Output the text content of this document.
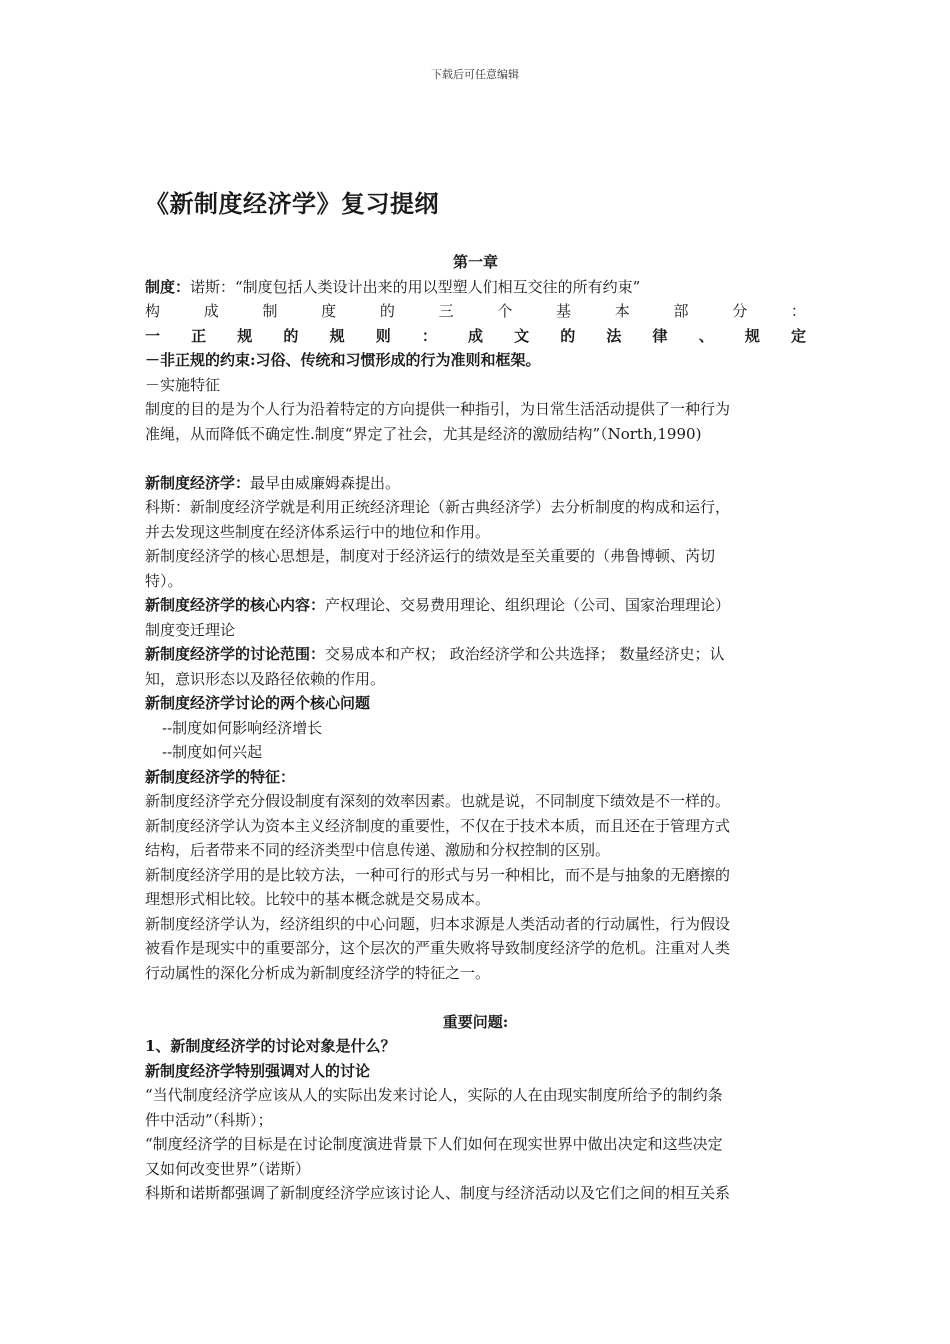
下载后可任意编辑
《新制度经济学》复习提纲
第一章
制度：诺斯：“制度包括人类设计出来的用以型塑人们相互交往的所有约束”
构	成	制	度	的	三	个	基	本	部	分	：
一 正 规 的 规 则 ： 成 文 的 法 律 、 规 定
－非正规的约束:习俗、传统和习惯形成的行为准则和框架。
－实施特征
制度的目的是为个人行为沿着特定的方向提供一种指引，为日常生活活动提供了一种行为
准绳，从而降低不确定性.制度“界定了社会，尤其是经济的激励结构”（North,1990)
新制度经济学：最早由威廉姆森提出。
科斯：新制度经济学就是利用正统经济理论（新古典经济学）去分析制度的构成和运行，
并去发现这些制度在经济体系运行中的地位和作用。
新制度经济学的核心思想是，制度对于经济运行的绩效是至关重要的（弗鲁博顿、芮切
特）。
新制度经济学的核心内容：产权理论、交易费用理论、组织理论（公司、国家治理理论）
制度变迁理论
新制度经济学的讨论范围：交易成本和产权； 政治经济学和公共选择； 数量经济史；认
知，意识形态以及路径依赖的作用。
新制度经济学讨论的两个核心问题
--制度如何影响经济增长
--制度如何兴起
新制度经济学的特征：
新制度经济学充分假设制度有深刻的效率因素。也就是说，不同制度下绩效是不一样的。
新制度经济学认为资本主义经济制度的重要性，不仅在于技术本质，而且还在于管理方式
结构，后者带来不同的经济类型中信息传递、激励和分权控制的区别。
新制度经济学用的是比较方法，一种可行的形式与另一种相比，而不是与抽象的无磨擦的
理想形式相比较。比较中的基本概念就是交易成本。
新制度经济学认为，经济组织的中心问题，归本求源是人类活动者的行动属性，行为假设
被看作是现实中的重要部分，这个层次的严重失败将导致制度经济学的危机。注重对人类
行动属性的深化分析成为新制度经济学的特征之一。
重要问题:
1、新制度经济学的讨论对象是什么？
新制度经济学特别强调对人的讨论
“当代制度经济学应该从人的实际出发来讨论人，实际的人在由现实制度所给予的制约条
件中活动”（科斯）；
“制度经济学的目标是在讨论制度演进背景下人们如何在现实世界中做出决定和这些决定
又如何改变世界”（诺斯）
科斯和诺斯都强调了新制度经济学应该讨论人、制度与经济活动以及它们之间的相互关系
